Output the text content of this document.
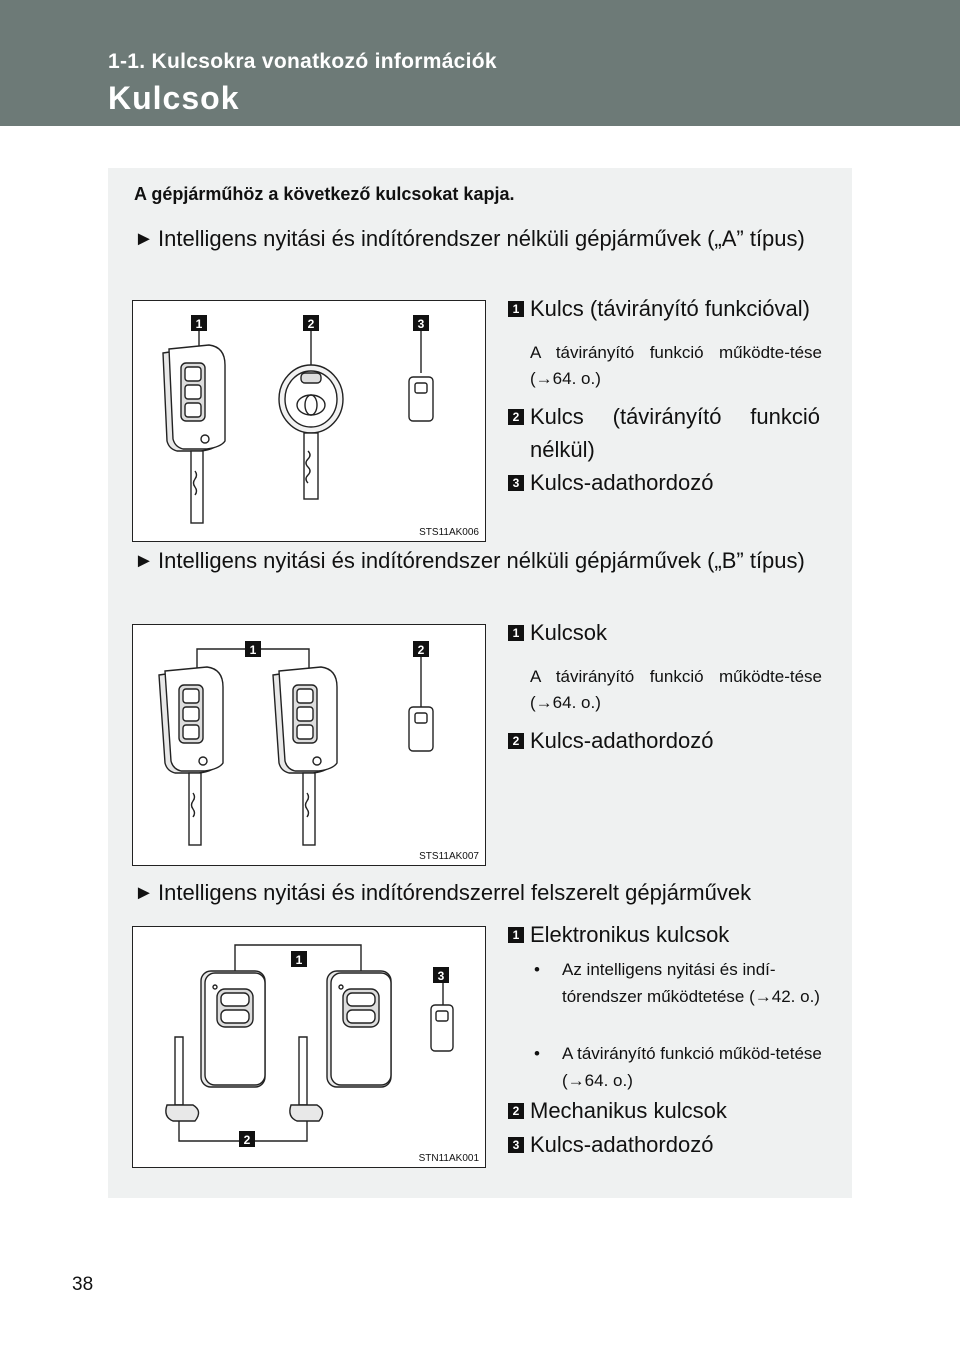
1-1. Kulcsokra vonatkozó információk
Kulcsok
A gépjárműhöz a következő kulcsokat kapja.
► Intelligens nyitási és indítórendszer nélküli gépjárművek („A” típus)
1	2	3
STS11AK006
1 Kulcs (távirányító funkcióval)
A távirányító funkció működte-tése (→64. o.)
2 Kulcs (távirányító funkció nélkül)
3 Kulcs-adathordozó
► Intelligens nyitási és indítórendszer nélküli gépjárművek („B” típus)
1	2
STS11AK007
1 Kulcsok
A távirányító funkció működte-tése (→64. o.)
2 Kulcs-adathordozó
► Intelligens nyitási és indítórendszerrel felszerelt gépjárművek
1
2
3
STN11AK001
1 Elektronikus kulcsok
•	Az intelligens nyitási és indí-tórendszer működtetése (→42. o.)
•	A távirányító funkció működ-tetése (→64. o.)
2 Mechanikus kulcsok
3 Kulcs-adathordozó
38
